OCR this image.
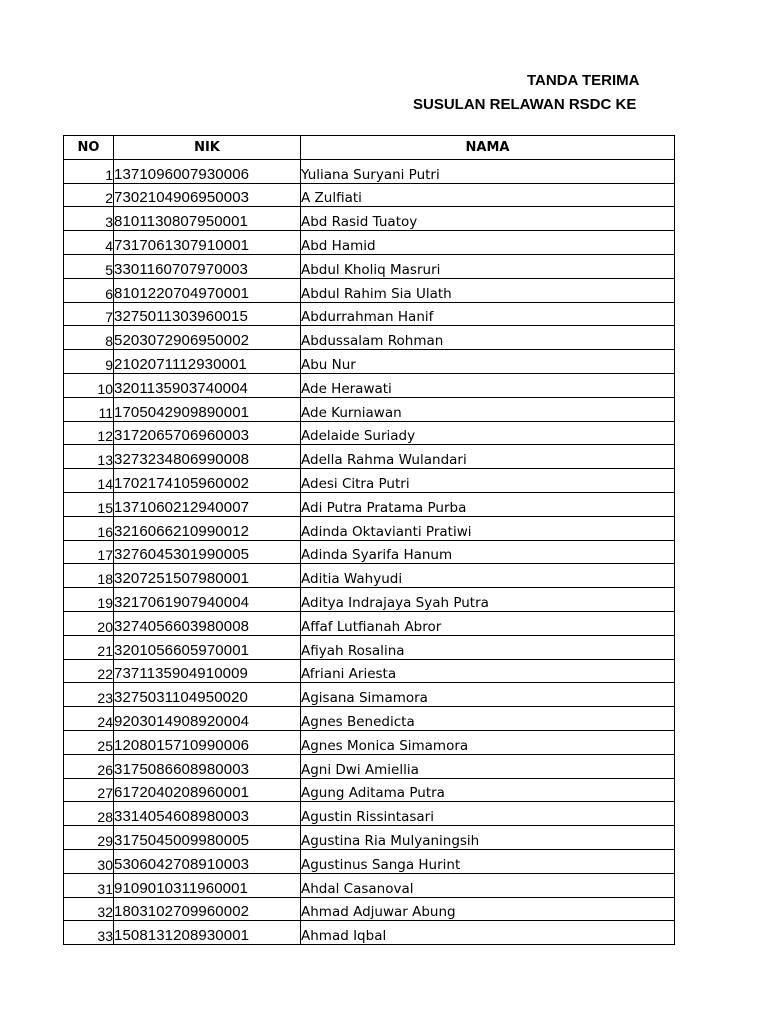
TANDA TERIMA
SUSULAN RELAWAN RSDC KE
NO	NIK	NAMA
1	1371096007930006	Yuliana Suryani Putri
2	7302104906950003	A Zulfiati
3	8101130807950001	Abd Rasid Tuatoy
4	7317061307910001	Abd Hamid
5	3301160707970003	Abdul Kholiq Masruri
6	8101220704970001	Abdul Rahim Sia Ulath
7	3275011303960015	Abdurrahman Hanif
8	5203072906950002	Abdussalam Rohman
9	2102071112930001	Abu Nur
10	3201135903740004	Ade Herawati
11	1705042909890001	Ade Kurniawan
12	3172065706960003	Adelaide Suriady
13	3273234806990008	Adella Rahma Wulandari
14	1702174105960002	Adesi Citra Putri
15	1371060212940007	Adi Putra Pratama Purba
16	3216066210990012	Adinda Oktavianti Pratiwi
17	3276045301990005	Adinda Syarifa Hanum
18	3207251507980001	Aditia Wahyudi
19	3217061907940004	Aditya Indrajaya Syah Putra
20	3274056603980008	Affaf Lutfianah Abror
21	3201056605970001	Afiyah Rosalina
22	7371135904910009	Afriani Ariesta
23	3275031104950020	Agisana Simamora
24	9203014908920004	Agnes Benedicta
25	1208015710990006	Agnes Monica Simamora
26	3175086608980003	Agni Dwi Amiellia
27	6172040208960001	Agung Aditama Putra
28	3314054608980003	Agustin Rissintasari
29	3175045009980005	Agustina Ria Mulyaningsih
30	5306042708910003	Agustinus Sanga Hurint
31	9109010311960001	Ahdal Casanoval
32	1803102709960002	Ahmad Adjuwar Abung
33	1508131208930001	Ahmad Iqbal
